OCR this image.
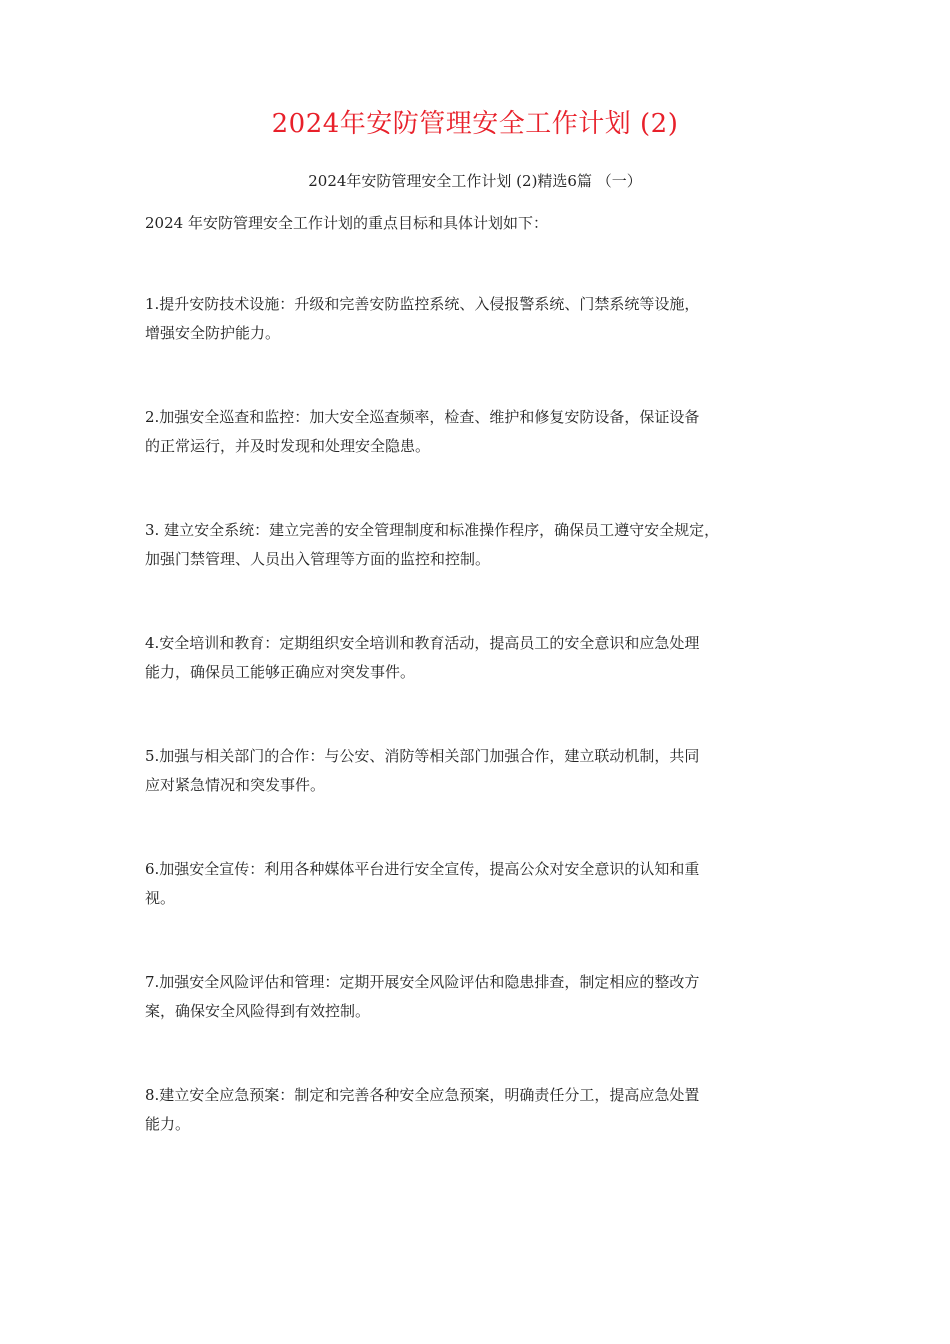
2024年安防管理安全工作计划 (2)
2024年安防管理安全工作计划 (2)精选6篇 （一）
2024 年安防管理安全工作计划的重点目标和具体计划如下：
1.提升安防技术设施：升级和完善安防监控系统、入侵报警系统、门禁系统等设施，
增强安全防护能力。
2.加强安全巡查和监控：加大安全巡查频率，检查、维护和修复安防设备，保证设备
的正常运行，并及时发现和处理安全隐患。
3. 建立安全系统：建立完善的安全管理制度和标准操作程序，确保员工遵守安全规定，
加强门禁管理、人员出入管理等方面的监控和控制。
4.安全培训和教育：定期组织安全培训和教育活动，提高员工的安全意识和应急处理
能力，确保员工能够正确应对突发事件。
5.加强与相关部门的合作：与公安、消防等相关部门加强合作，建立联动机制，共同
应对紧急情况和突发事件。
6.加强安全宣传：利用各种媒体平台进行安全宣传，提高公众对安全意识的认知和重
视。
7.加强安全风险评估和管理：定期开展安全风险评估和隐患排查，制定相应的整改方
案，确保安全风险得到有效控制。
8.建立安全应急预案：制定和完善各种安全应急预案，明确责任分工，提高应急处置
能力。
